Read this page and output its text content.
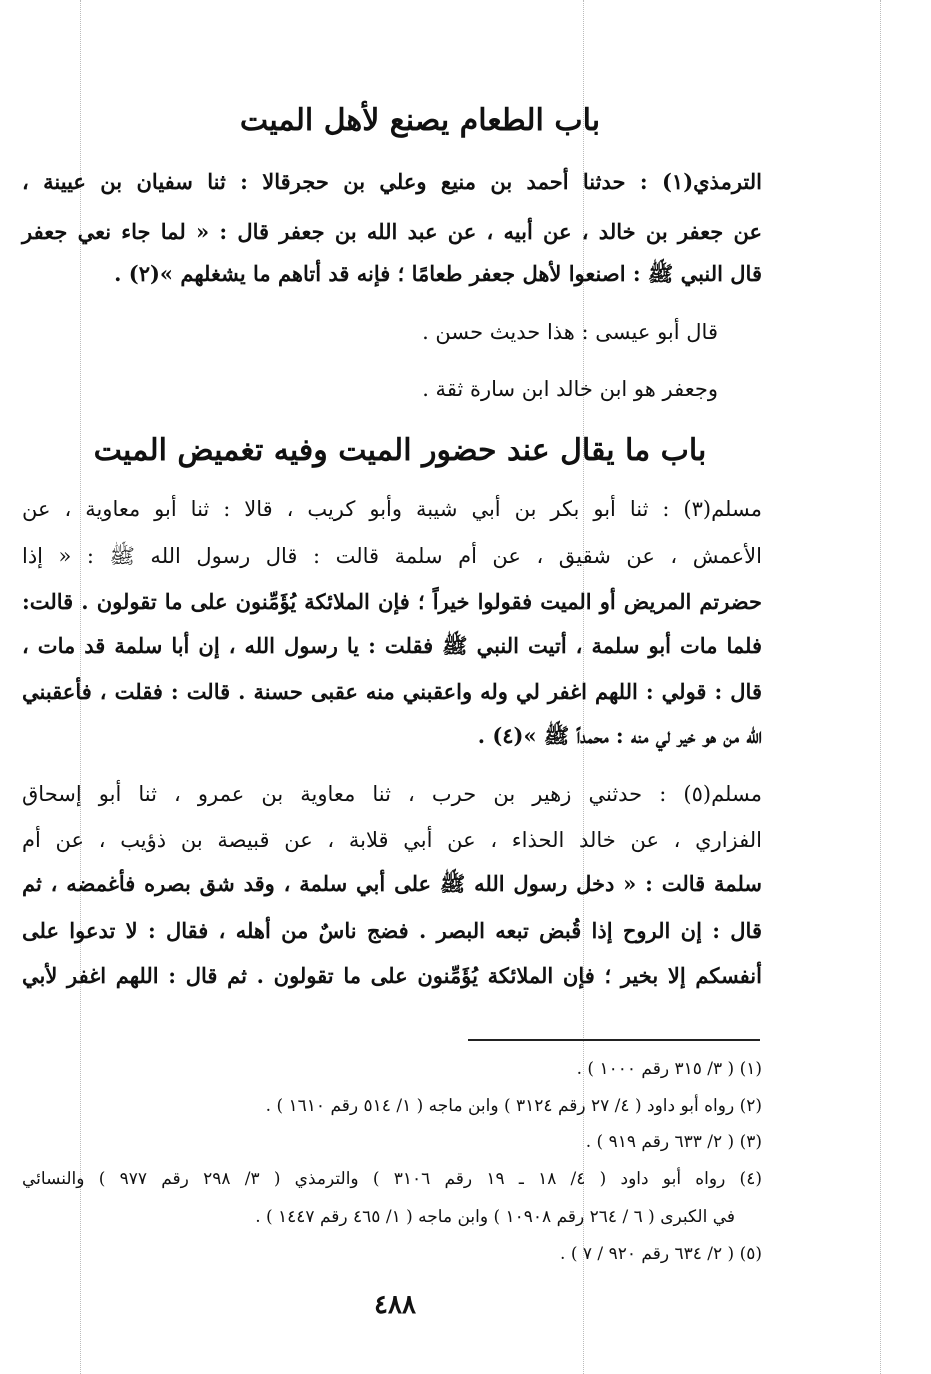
باب الطعام يصنع لأهل الميت
الترمذي(١) : حدثنا أحمد بن منيع وعلي بن حجرقالا : ثنا سفيان بن عيينة ،
عن جعفر بن خالد ، عن أبيه ، عن عبد الله بن جعفر قال : « لما جاء نعي جعفر
قال النبي ﷺ : اصنعوا لأهل جعفر طعامًا ؛ فإنه قد أتاهم ما يشغلهم »(٢) .
قال أبو عيسى : هذا حديث حسن .
وجعفر هو ابن خالد ابن سارة ثقة .
باب ما يقال عند حضور الميت وفيه تغميض الميت
مسلم(٣) : ثنا أبو بكر بن أبي شيبة وأبو كريب ، قالا : ثنا أبو معاوية ، عن
الأعمش ، عن شقيق ، عن أم سلمة قالت : قال رسول الله ﷺ : « إذا
حضرتم المريض أو الميت فقولوا خيراً ؛ فإن الملائكة يُؤَمِّنون على ما تقولون . قالت:
فلما مات أبو سلمة ، أتيت النبي ﷺ فقلت : يا رسول الله ، إن أبا سلمة قد مات ،
قال : قولي : اللهم اغفر لي وله واعقبني منه عقبى حسنة . قالت : فقلت ، فأعقبني
الله من هو خير لي منه : محمداً ﷺ »(٤) .
مسلم(٥) : حدثني زهير بن حرب ، ثنا معاوية بن عمرو ، ثنا أبو إسحاق
الفزاري ، عن خالد الحذاء ، عن أبي قلابة ، عن قبيصة بن ذؤيب ، عن أم
سلمة قالت : « دخل رسول الله ﷺ على أبي سلمة ، وقد شق بصره فأغمضه ، ثم
قال : إن الروح إذا قُبض تبعه البصر . فضج ناسٌ من أهله ، فقال : لا تدعوا على
أنفسكم إلا بخير ؛ فإن الملائكة يُؤَمِّنون على ما تقولون . ثم قال : اللهم اغفر لأبي
(١) ( ٣/ ٣١٥ رقم ١٠٠٠ ) .
(٢) رواه أبو داود ( ٤/ ٢٧ رقم ٣١٢٤ ) وابن ماجه ( ١/ ٥١٤ رقم ١٦١٠ ) .
(٣) ( ٢/ ٦٣٣ رقم ٩١٩ ) .
(٤) رواه أبو داود ( ٤/ ١٨ ـ ١٩ رقم ٣١٠٦ ) والترمذي ( ٣/ ٢٩٨ رقم ٩٧٧ ) والنسائي
في الكبرى ( ٦ / ٢٦٤ رقم ١٠٩٠٨ ) وابن ماجه ( ١/ ٤٦٥ رقم ١٤٤٧ ) .
(٥) ( ٢/ ٦٣٤ رقم ٩٢٠ / ٧ ) .
٤٨٨
